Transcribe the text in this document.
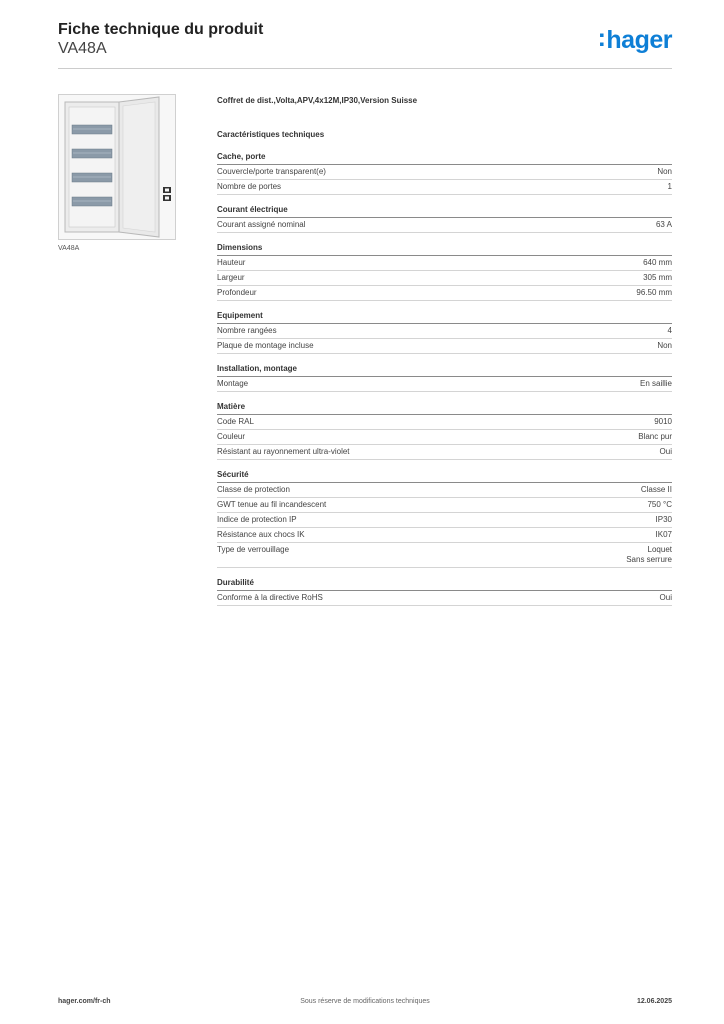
Fiche technique du produit
VA48A	:hager
VA48A
Coffret de dist.,Volta,APV,4x12M,IP30,Version Suisse
Caractéristiques techniques
Cache, porte
Couvercle/porte transparent(e)	Non
Nombre de portes	1
Courant électrique
Courant assigné nominal	63 A
Dimensions
Hauteur	640 mm
Largeur	305 mm
Profondeur	96.50 mm
Equipement
Nombre rangées	4
Plaque de montage incluse	Non
Installation, montage
Montage	En saillie
Matière
Code RAL	9010
Couleur	Blanc pur
Résistant au rayonnement ultra-violet	Oui
Sécurité
Classe de protection	Classe II
GWT tenue au fil incandescent	750 °C
Indice de protection IP	IP30
Résistance aux chocs IK	IK07
Type de verrouillage	Loquet
Sans serrure
Durabilité
Conforme à la directive RoHS	Oui
hager.com/fr-ch	Sous réserve de modifications techniques	12.06.2025
